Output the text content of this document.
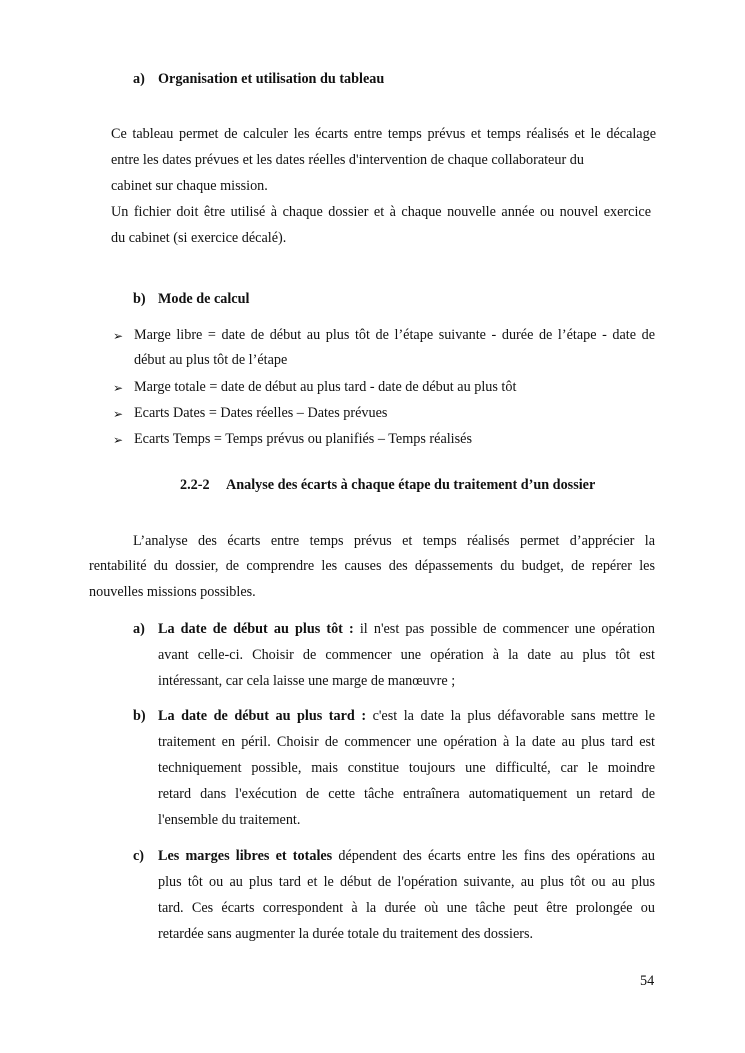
a) Organisation et utilisation du tableau
Ce tableau permet de calculer les écarts entre temps prévus et temps réalisés et le décalage
entre les dates prévues et les dates réelles d'intervention de chaque collaborateur du
cabinet sur chaque mission.
Un fichier doit être utilisé à chaque dossier et à chaque nouvelle année ou nouvel exercice
du cabinet (si exercice décalé).
b) Mode de calcul
➢ Marge libre = date de début au plus tôt de l’étape suivante - durée de l’étape - date de
début au plus tôt de l’étape
➢ Marge totale = date de début au plus tard - date de début au plus tôt
➢ Ecarts Dates = Dates réelles – Dates prévues
➢ Ecarts Temps = Temps prévus ou planifiés – Temps réalisés
2.2-2 Analyse des écarts à chaque étape du traitement d’un dossier
L’analyse des écarts entre temps prévus et temps réalisés permet d’apprécier la
rentabilité du dossier, de comprendre les causes des dépassements du budget, de repérer les
nouvelles missions possibles.
a) La date de début au plus tôt : il n'est pas possible de commencer une opération
avant celle-ci. Choisir de commencer une opération à la date au plus tôt est
intéressant, car cela laisse une marge de manœuvre ;
b) La date de début au plus tard : c'est la date la plus défavorable sans mettre le
traitement en péril. Choisir de commencer une opération à la date au plus tard est
techniquement possible, mais constitue toujours une difficulté, car le moindre
retard dans l'exécution de cette tâche entraînera automatiquement un retard de
l'ensemble du traitement.
c) Les marges libres et totales dépendent des écarts entre les fins des opérations au
plus tôt ou au plus tard et le début de l'opération suivante, au plus tôt ou au plus
tard. Ces écarts correspondent à la durée où une tâche peut être prolongée ou
retardée sans augmenter la durée totale du traitement des dossiers.
54
